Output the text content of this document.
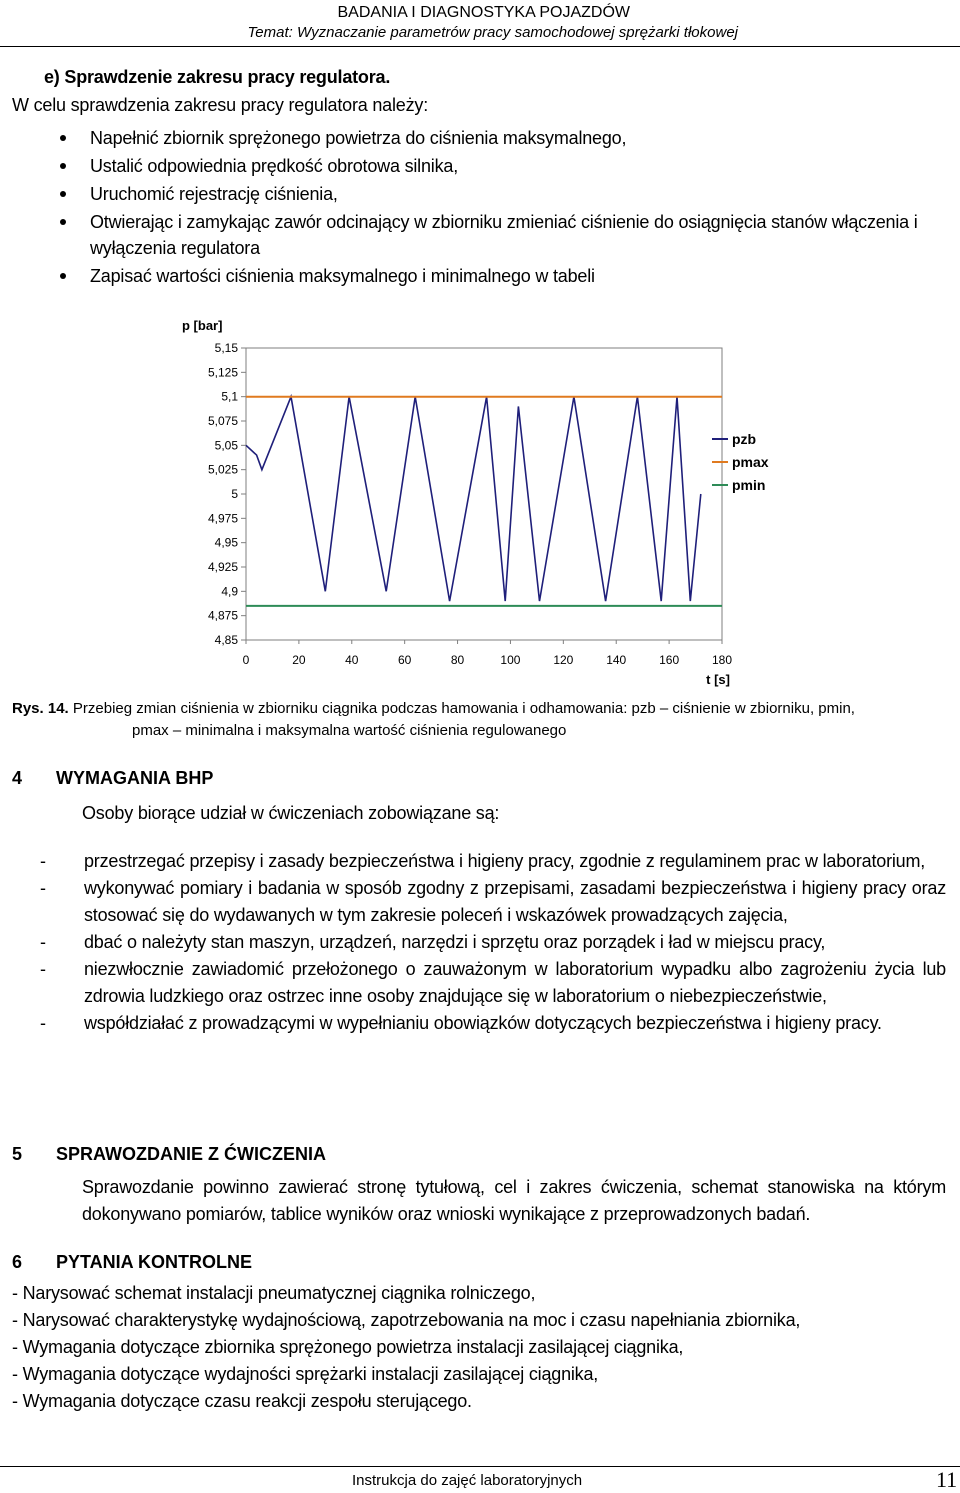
BADANIA I DIAGNOSTYKA POJAZDÓW
Temat: Wyznaczanie parametrów pracy samochodowej sprężarki tłokowej
e) Sprawdzenie zakresu pracy regulatora.
W celu sprawdzenia zakresu pracy regulatora należy:
Napełnić zbiornik sprężonego powietrza do ciśnienia maksymalnego,
Ustalić odpowiednia prędkość obrotowa silnika,
Uruchomić rejestrację ciśnienia,
Otwierając i zamykając zawór odcinający w zbiorniku zmieniać ciśnienie do osiągnięcia stanów włączenia i wyłączenia regulatora
Zapisać wartości ciśnienia maksymalnego i minimalnego w tabeli
5,15
5,125
5,1
5,075
5,05
5,025
5
4,975
4,95
4,925
4,9
4,875
4,85
0	20	40	60	80	100	120	140	160	180
p [bar]
t [s]
pzb
pmax
pmin
Rys. 14. Przebieg zmian ciśnienia w zbiorniku ciągnika podczas hamowania i odhamowania: pzb – ciśnienie w zbiorniku, pmin,
pmax – minimalna i maksymalna wartość ciśnienia regulowanego
4 WYMAGANIA BHP
Osoby biorące udział w ćwiczeniach zobowiązane są:
- przestrzegać przepisy i zasady bezpieczeństwa i higieny pracy, zgodnie z regulaminem prac w laboratorium,
- wykonywać pomiary i badania w sposób zgodny z przepisami, zasadami bezpieczeństwa i higieny pracy oraz stosować się do wydawanych w tym zakresie poleceń i wskazówek prowadzących zajęcia,
- dbać o należyty stan maszyn, urządzeń, narzędzi i sprzętu oraz porządek i ład w miejscu pracy,
- niezwłocznie zawiadomić przełożonego o zauważonym w laboratorium wypadku albo zagrożeniu życia lub zdrowia ludzkiego oraz ostrzec inne osoby znajdujące się w laboratorium o niebezpieczeństwie,
- współdziałać z prowadzącymi w wypełnianiu obowiązków dotyczących bezpieczeństwa i higieny pracy.
5 SPRAWOZDANIE Z ĆWICZENIA
Sprawozdanie powinno zawierać stronę tytułową, cel i zakres ćwiczenia, schemat stanowiska na którym dokonywano pomiarów, tablice wyników oraz wnioski wynikające z przeprowadzonych badań.
6 PYTANIA KONTROLNE
- Narysować schemat instalacji pneumatycznej ciągnika rolniczego,
- Narysować charakterystykę wydajnościową, zapotrzebowania na moc i czasu napełniania zbiornika,
- Wymagania dotyczące zbiornika sprężonego powietrza instalacji zasilającej ciągnika,
- Wymagania dotyczące wydajności sprężarki instalacji zasilającej ciągnika,
- Wymagania dotyczące czasu reakcji zespołu sterującego.
Instrukcja do zajęć laboratoryjnych	11
